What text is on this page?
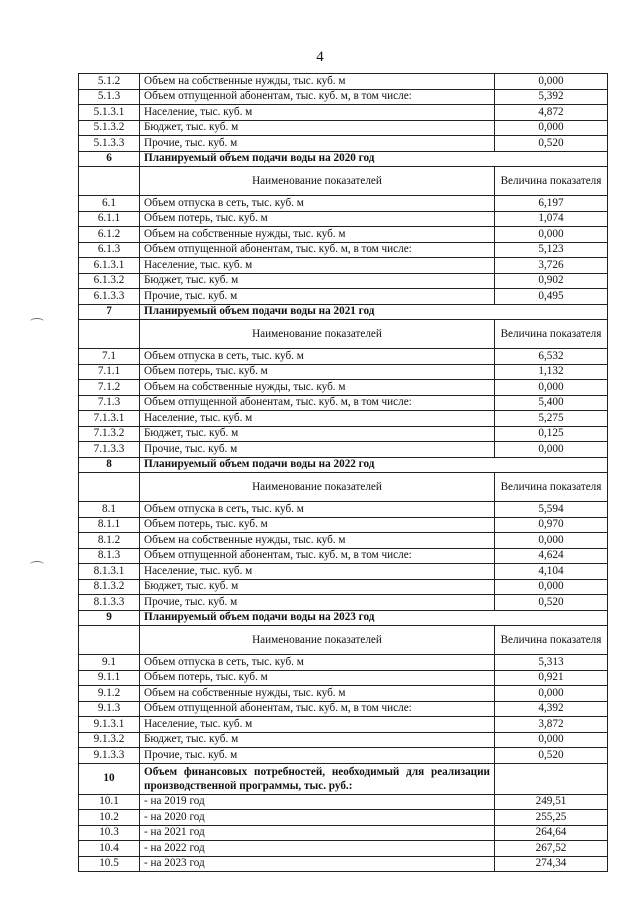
4
5.1.2	Объем на собственные нужды, тыс. куб. м	0,000
5.1.3	Объем отпущенной абонентам, тыс. куб. м, в том числе:	5,392
5.1.3.1	Население, тыс. куб. м	4,872
5.1.3.2	Бюджет, тыс. куб. м	0,000
5.1.3.3	Прочие, тыс. куб. м	0,520
6	Планируемый объем подачи воды на 2020 год	
	Наименование показателей	Величина показателя
6.1	Объем отпуска в сеть, тыс. куб. м	6,197
6.1.1	Объем потерь, тыс. куб. м	1,074
6.1.2	Объем на собственные нужды, тыс. куб. м	0,000
6.1.3	Объем отпущенной абонентам, тыс. куб. м, в том числе:	5,123
6.1.3.1	Население, тыс. куб. м	3,726
6.1.3.2	Бюджет, тыс. куб. м	0,902
6.1.3.3	Прочие, тыс. куб. м	0,495
7	Планируемый объем подачи воды на 2021 год	
	Наименование показателей	Величина показателя
7.1	Объем отпуска в сеть, тыс. куб. м	6,532
7.1.1	Объем потерь, тыс. куб. м	1,132
7.1.2	Объем на собственные нужды, тыс. куб. м	0,000
7.1.3	Объем отпущенной абонентам, тыс. куб. м, в том числе:	5,400
7.1.3.1	Население, тыс. куб. м	5,275
7.1.3.2	Бюджет, тыс. куб. м	0,125
7.1.3.3	Прочие, тыс. куб. м	0,000
8	Планируемый объем подачи воды на 2022 год	
	Наименование показателей	Величина показателя
8.1	Объем отпуска в сеть, тыс. куб. м	5,594
8.1.1	Объем потерь, тыс. куб. м	0,970
8.1.2	Объем на собственные нужды, тыс. куб. м	0,000
8.1.3	Объем отпущенной абонентам, тыс. куб. м, в том числе:	4,624
8.1.3.1	Население, тыс. куб. м	4,104
8.1.3.2	Бюджет, тыс. куб. м	0,000
8.1.3.3	Прочие, тыс. куб. м	0,520
9	Планируемый объем подачи воды на 2023 год	
	Наименование показателей	Величина показателя
9.1	Объем отпуска в сеть, тыс. куб. м	5,313
9.1.1	Объем потерь, тыс. куб. м	0,921
9.1.2	Объем на собственные нужды, тыс. куб. м	0,000
9.1.3	Объем отпущенной абонентам, тыс. куб. м, в том числе:	4,392
9.1.3.1	Население, тыс. куб. м	3,872
9.1.3.2	Бюджет, тыс. куб. м	0,000
9.1.3.3	Прочие, тыс. куб. м	0,520
10	Объем финансовых потребностей, необходимый для реализации производственной программы, тыс. руб.:	
10.1	- на 2019 год	249,51
10.2	- на 2020 год	255,25
10.3	- на 2021 год	264,64
10.4	- на 2022 год	267,52
10.5	- на 2023 год	274,34
